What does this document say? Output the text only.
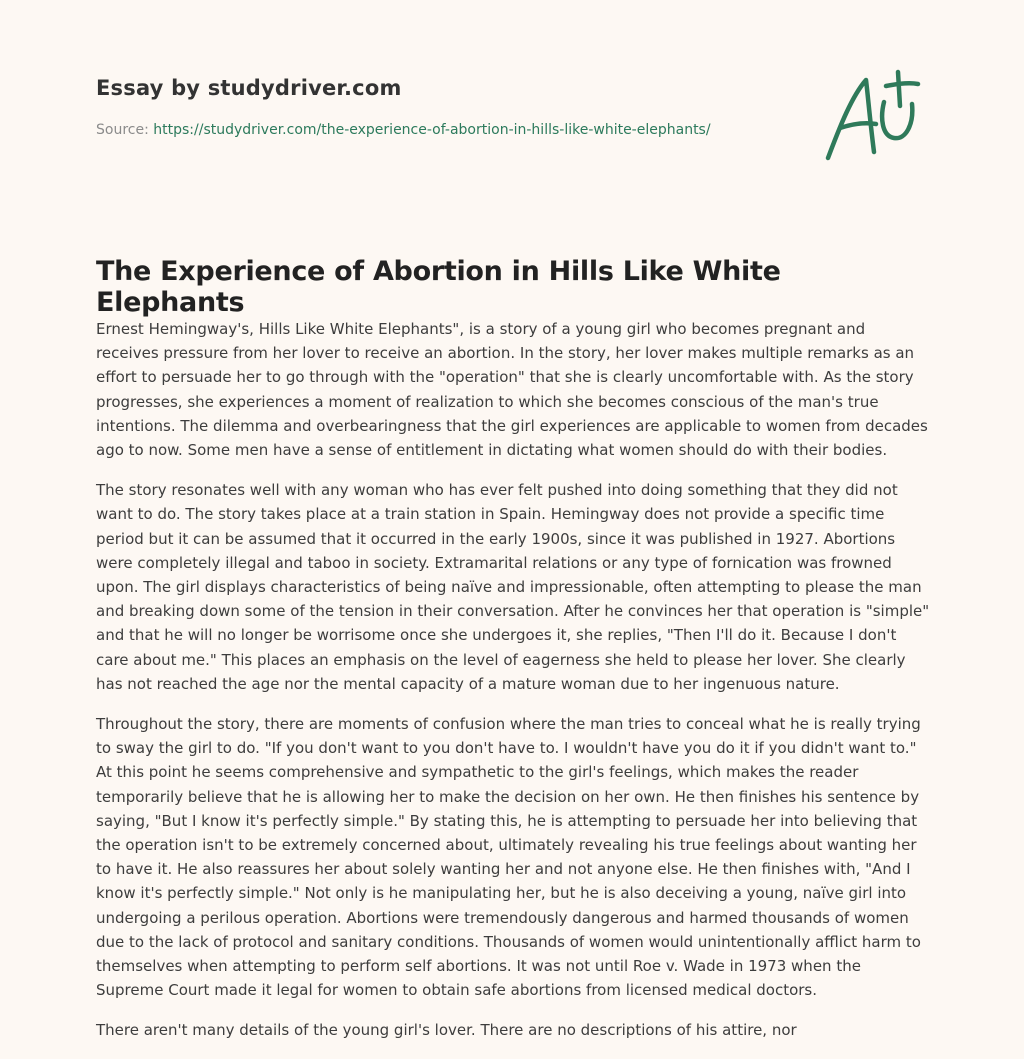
Essay by studydriver.com
Source: https://studydriver.com/the-experience-of-abortion-in-hills-like-white-elephants/
The Experience of Abortion in Hills Like White Elephants

Ernest Hemingway's, Hills Like White Elephants", is a story of a young girl who becomes pregnant and receives pressure from her lover to receive an abortion. In the story, her lover makes multiple remarks as an effort to persuade her to go through with the "operation" that she is clearly uncomfortable with. As the story progresses, she experiences a moment of realization to which she becomes conscious of the man's true intentions. The dilemma and overbearingness that the girl experiences are applicable to women from decades ago to now. Some men have a sense of entitlement in dictating what women should do with their bodies.

The story resonates well with any woman who has ever felt pushed into doing something that they did not want to do. The story takes place at a train station in Spain. Hemingway does not provide a specific time period but it can be assumed that it occurred in the early 1900s, since it was published in 1927. Abortions were completely illegal and taboo in society. Extramarital relations or any type of fornication was frowned upon. The girl displays characteristics of being naïve and impressionable, often attempting to please the man and breaking down some of the tension in their conversation. After he convinces her that operation is "simple" and that he will no longer be worrisome once she undergoes it, she replies, "Then I'll do it. Because I don't care about me." This places an emphasis on the level of eagerness she held to please her lover. She clearly has not reached the age nor the mental capacity of a mature woman due to her ingenuous nature.

Throughout the story, there are moments of confusion where the man tries to conceal what he is really trying to sway the girl to do. "If you don't want to you don't have to. I wouldn't have you do it if you didn't want to." At this point he seems comprehensive and sympathetic to the girl's feelings, which makes the reader temporarily believe that he is allowing her to make the decision on her own. He then finishes his sentence by saying, "But I know it's perfectly simple." By stating this, he is attempting to persuade her into believing that the operation isn't to be extremely concerned about, ultimately revealing his true feelings about wanting her to have it. He also reassures her about solely wanting her and not anyone else. He then finishes with, "And I know it's perfectly simple." Not only is he manipulating her, but he is also deceiving a young, naïve girl into undergoing a perilous operation. Abortions were tremendously dangerous and harmed thousands of women due to the lack of protocol and sanitary conditions. Thousands of women would unintentionally afflict harm to themselves when attempting to perform self abortions. It was not until Roe v. Wade in 1973 when the Supreme Court made it legal for women to obtain safe abortions from licensed medical doctors.

There aren't many details of the young girl's lover. There are no descriptions of his attire, nor
